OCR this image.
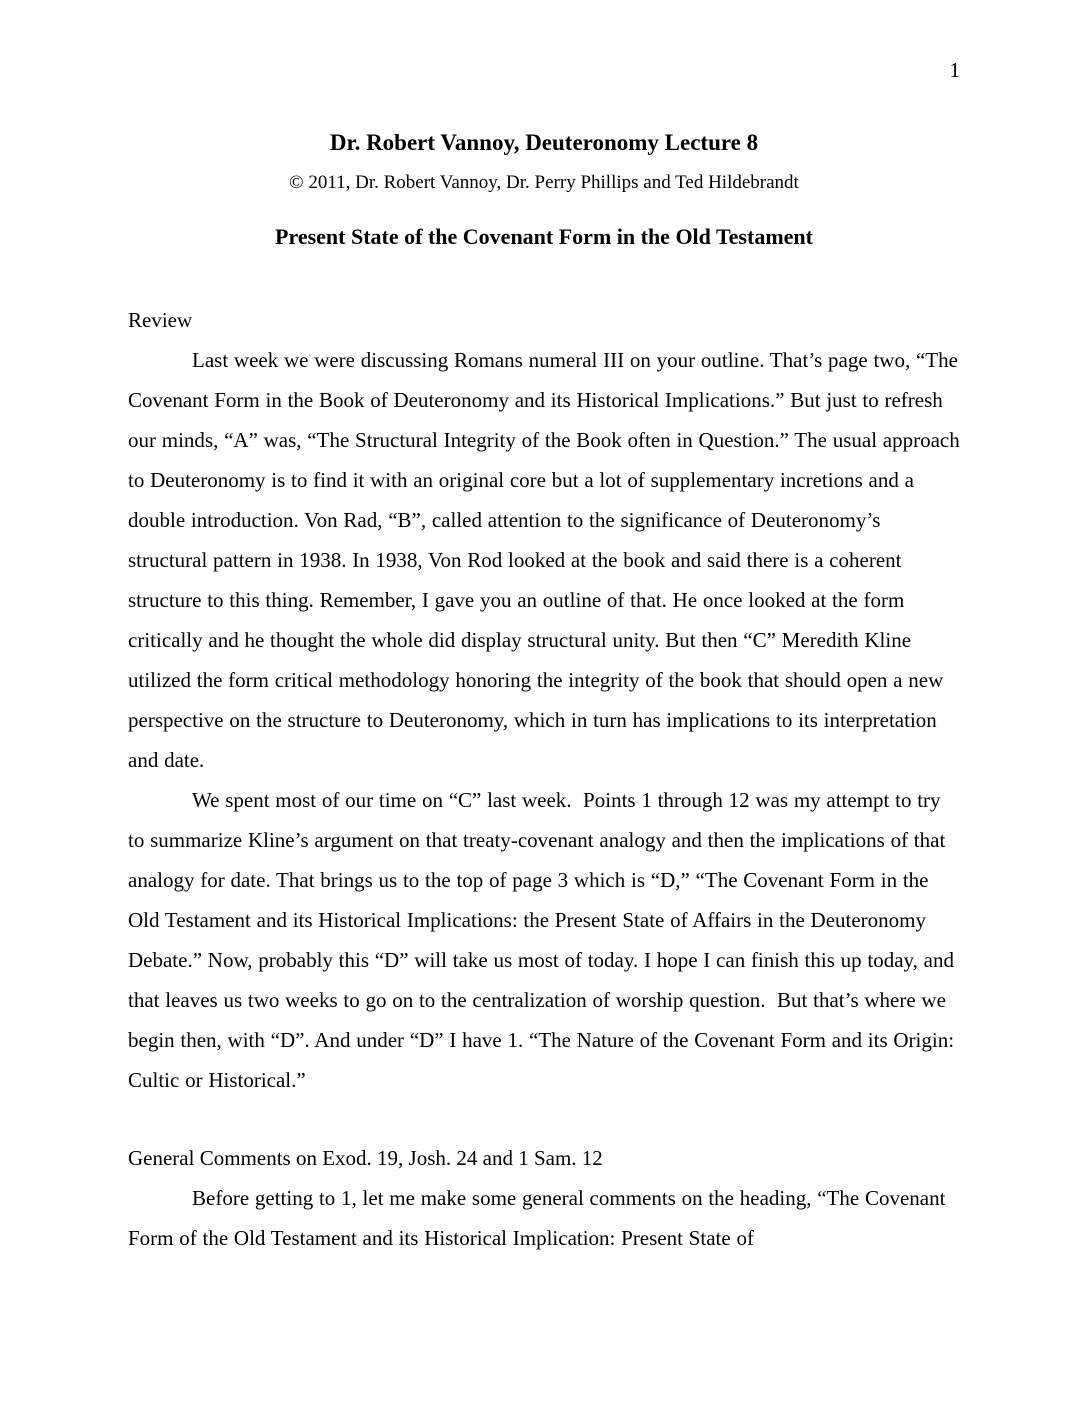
1
Dr. Robert Vannoy, Deuteronomy Lecture 8
© 2011, Dr. Robert Vannoy, Dr. Perry Phillips and Ted Hildebrandt
Present State of the Covenant Form in the Old Testament
Review

Last week we were discussing Romans numeral III on your outline. That’s page two, “The Covenant Form in the Book of Deuteronomy and its Historical Implications.” But just to refresh our minds, “A” was, “The Structural Integrity of the Book often in Question.” The usual approach to Deuteronomy is to find it with an original core but a lot of supplementary incretions and a double introduction. Von Rad, “B”, called attention to the significance of Deuteronomy’s structural pattern in 1938. In 1938, Von Rod looked at the book and said there is a coherent structure to this thing. Remember, I gave you an outline of that. He once looked at the form critically and he thought the whole did display structural unity. But then “C” Meredith Kline utilized the form critical methodology honoring the integrity of the book that should open a new perspective on the structure to Deuteronomy, which in turn has implications to its interpretation and date.

We spent most of our time on “C” last week.  Points 1 through 12 was my attempt to try to summarize Kline’s argument on that treaty-covenant analogy and then the implications of that analogy for date. That brings us to the top of page 3 which is “D,” “The Covenant Form in the Old Testament and its Historical Implications: the Present State of Affairs in the Deuteronomy Debate.” Now, probably this “D” will take us most of today. I hope I can finish this up today, and that leaves us two weeks to go on to the centralization of worship question.  But that’s where we begin then, with “D”. And under “D” I have 1. “The Nature of the Covenant Form and its Origin: Cultic or Historical.”

General Comments on Exod. 19, Josh. 24 and 1 Sam. 12

Before getting to 1, let me make some general comments on the heading, “The Covenant Form of the Old Testament and its Historical Implication: Present State of
